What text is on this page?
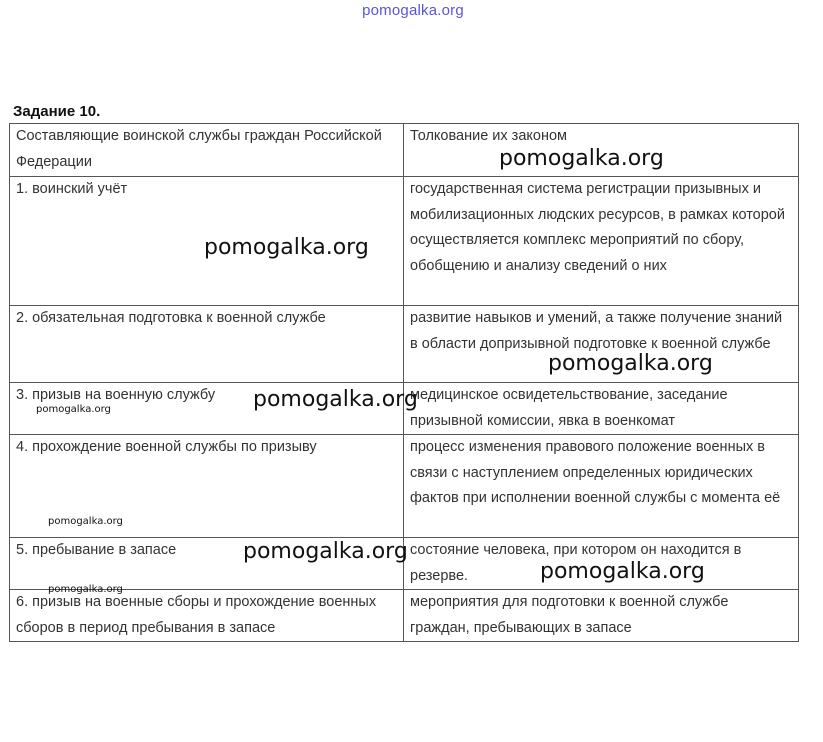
pomogalka.org
Задание 10.
Составляющие воинской службы граждан Российской Федерации	Толкование их законом
1. воинский учёт	государственная система регистрации призывных и мобилизационных людских ресурсов, в рамках которой осуществляется комплекс мероприятий по сбору, обобщению и анализу сведений о них
2. обязательная подготовка к военной службе	развитие навыков и умений, а также получение знаний в области допризывной подготовке к военной службе
3. призыв на военную службу	медицинское освидетельствование, заседание призывной комиссии, явка в военкомат
4. прохождение военной службы по призыву	процесс изменения правового положение военных в связи с наступлением определенных юридических фактов при исполнении военной службы с момента её
5. пребывание в запасе	состояние человека, при котором он находится в резерве.
6. призыв на военные сборы и прохождение военных сборов в период пребывания в запасе	мероприятия для подготовки к военной службе граждан, пребывающих в запасе
pomogalka.org
pomogalka.org
pomogalka.org
pomogalka.org
pomogalka.org
pomogalka.org
pomogalka.org
pomogalka.org
pomogalka.org
